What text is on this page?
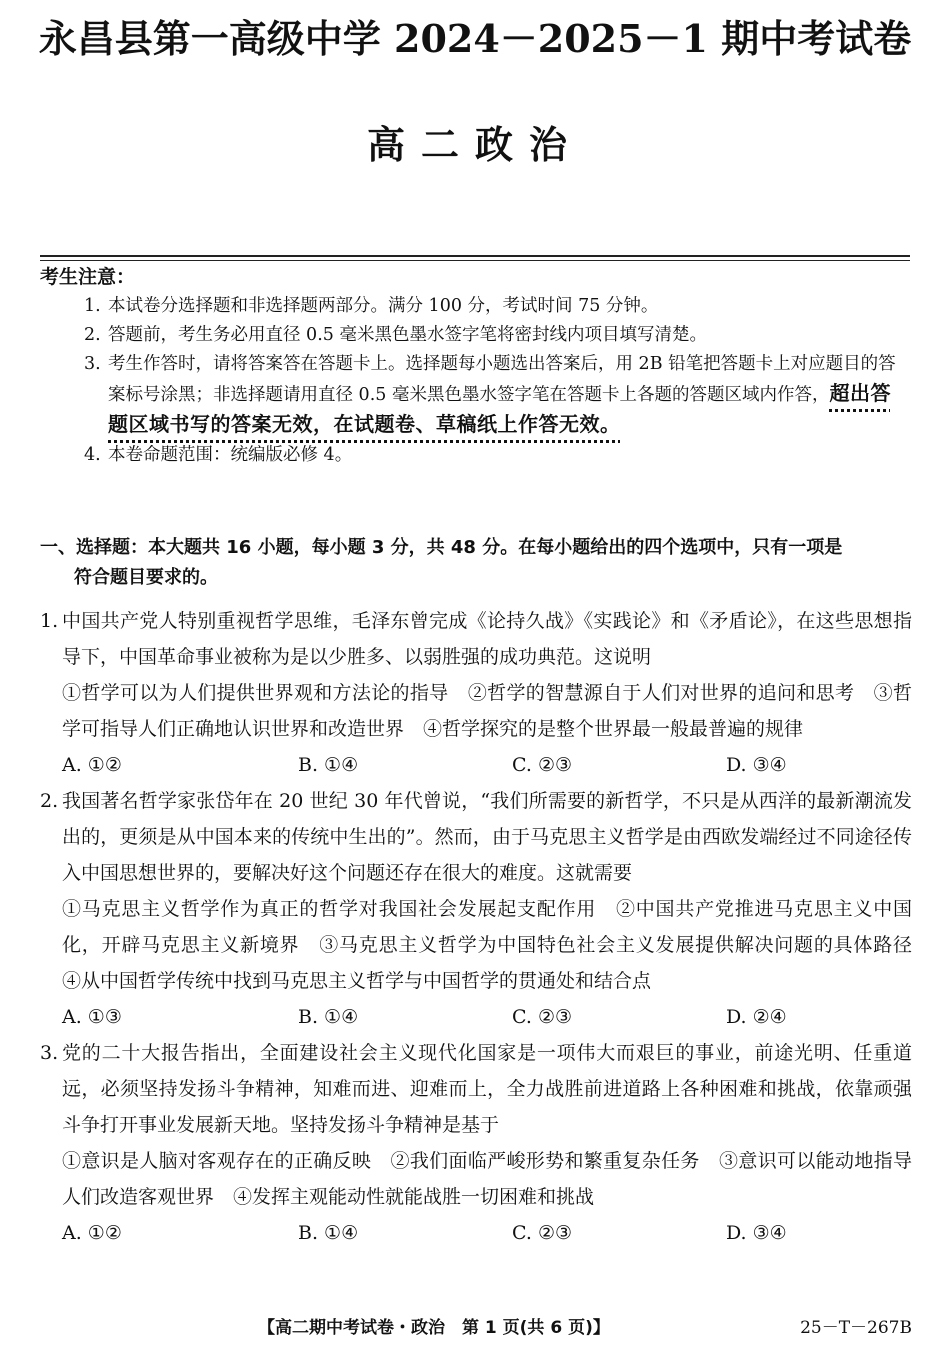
永昌县第一高级中学 2024－2025－1 期中考试卷
高二政治
考生注意：
1. 本试卷分选择题和非选择题两部分。满分 100 分，考试时间 75 分钟。
2. 答题前，考生务必用直径 0.5 毫米黑色墨水签字笔将密封线内项目填写清楚。
3. 考生作答时，请将答案答在答题卡上。选择题每小题选出答案后，用 2B 铅笔把答题卡上对应题目的答案标号涂黑；非选择题请用直径 0.5 毫米黑色墨水签字笔在答题卡上各题的答题区域内作答，超出答题区域书写的答案无效，在试题卷、草稿纸上作答无效。
4. 本卷命题范围：统编版必修 4。
一、选择题：本大题共 16 小题，每小题 3 分，共 48 分。在每小题给出的四个选项中，只有一项是
符合题目要求的。
1. 中国共产党人特别重视哲学思维，毛泽东曾完成《论持久战》《实践论》和《矛盾论》，在这些思想指导下，中国革命事业被称为是以少胜多、以弱胜强的成功典范。这说明
①哲学可以为人们提供世界观和方法论的指导　②哲学的智慧源自于人们对世界的追问和思考　③哲学可指导人们正确地认识世界和改造世界　④哲学探究的是整个世界最一般最普遍的规律
A. ①②	B. ①④	C. ②③	D. ③④
2. 我国著名哲学家张岱年在 20 世纪 30 年代曾说，“我们所需要的新哲学，不只是从西洋的最新潮流发出的，更须是从中国本来的传统中生出的”。然而，由于马克思主义哲学是由西欧发端经过不同途径传入中国思想世界的，要解决好这个问题还存在很大的难度。这就需要
①马克思主义哲学作为真正的哲学对我国社会发展起支配作用　②中国共产党推进马克思主义中国化，开辟马克思主义新境界　③马克思主义哲学为中国特色社会主义发展提供解决问题的具体路径　④从中国哲学传统中找到马克思主义哲学与中国哲学的贯通处和结合点
A. ①③	B. ①④	C. ②③	D. ②④
3. 党的二十大报告指出，全面建设社会主义现代化国家是一项伟大而艰巨的事业，前途光明、任重道远，必须坚持发扬斗争精神，知难而进、迎难而上，全力战胜前进道路上各种困难和挑战，依靠顽强斗争打开事业发展新天地。坚持发扬斗争精神是基于
①意识是人脑对客观存在的正确反映　②我们面临严峻形势和繁重复杂任务　③意识可以能动地指导人们改造客观世界　④发挥主观能动性就能战胜一切困难和挑战
A. ①②	B. ①④	C. ②③	D. ③④
【高二期中考试卷・政治　第 1 页(共 6 页)】	25－T－267B
